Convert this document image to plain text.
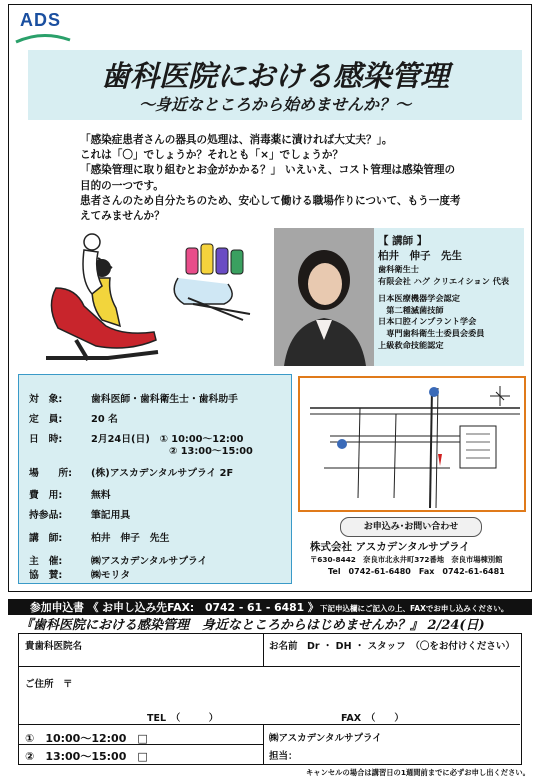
ADS
歯科医院における感染管理
～身近なところから始めませんか？～
「感染症患者さんの器具の処理は、消毒薬に漬ければ大丈夫？」。
これは「〇」でしょうか？それとも「×」でしょうか？
「感染管理に取り組むとお金がかかる？」 いえいえ、コスト管理は感染管理の
目的の一つです。
患者さんのため自分たちのため、安心して働ける職場作りについて、もう一度考
えてみませんか？
【 講師 】
柏井　伸子　先生
歯科衛生士
有限会社 ハグ クリエイション 代表
日本医療機器学会認定
　第二種滅菌技師
日本口腔インプラント学会
　専門歯科衛生士委員会委員
上級救命技能認定
対　象:	歯科医師・歯科衛生士・歯科助手
定　員:	20 名
日　時:	2月24日(日)　① 10:00～12:00
② 13:00～15:00
場　　所: (株)アスカデンタルサプライ 2F
費　用:	無料
持参品:	筆記用具
講　師:	柏井　伸子　先生
主　催:	㈱アスカデンタルサプライ
協　賛:	㈱モリタ
お申込み･お問い合わせ
株式会社 アスカデンタルサプライ
〒630-8442　奈良市北永井町372番地　奈良市場棟別館
Tel　0742-61-6480　Fax　0742-61-6481
参加申込書 《 お申し込み先FAX:　0742 - 61 - 6481 》 下記申込欄にご記入の上、FAXでお申し込みください。
『歯科医院における感染管理　身近なところからはじめませんか？』 2/24(日)
貴歯科医院名	お名前　Dr ・ DH ・ スタッフ　（〇をお付けください）
ご住所　〒
TEL　（　　　）	FAX　（　　）
①　10:00～12:00　□
②　13:00～15:00　□
㈱アスカデンタルサプライ
担当：
キャンセルの場合は講習日の1週間前までに必ずお申し出ください。
